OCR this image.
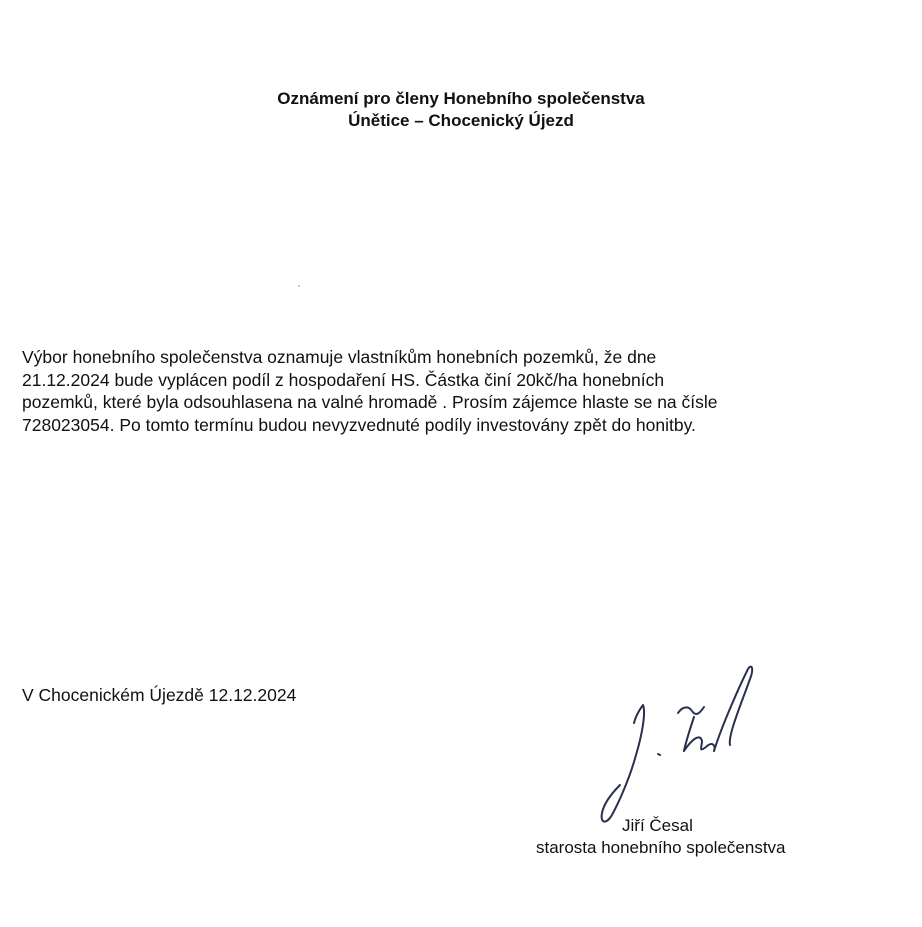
Oznámení pro členy Honebního společenstva
Únětice – Chocenický Újezd
Výbor honebního společenstva oznamuje vlastníkům honebních pozemků, že dne
21.12.2024 bude vyplácen podíl z hospodaření HS. Částka činí 20kč/ha honebních
pozemků, které byla odsouhlasena na valné hromadě . Prosím zájemce hlaste se na čísle
728023054. Po tomto termínu budou nevyzvednuté podíly investovány zpět do honitby.
V Chocenickém Újezdě 12.12.2024
Jiří Česal
starosta honebního společenstva
